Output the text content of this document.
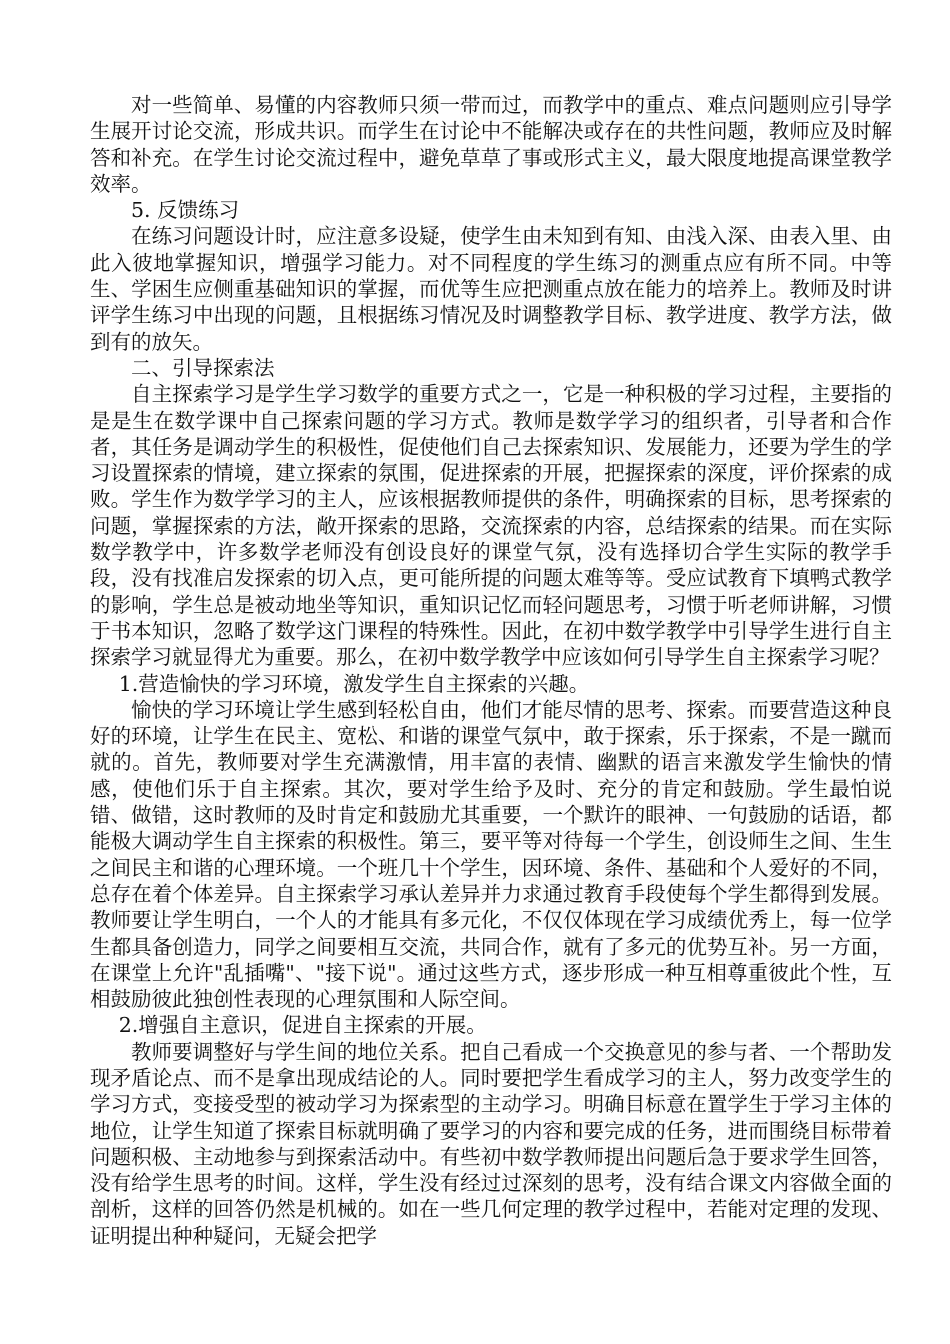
对一些简单、易懂的内容教师只须一带而过，而教学中的重点、难点问题则应引导学生展开讨论交流，形成共识。而学生在讨论中不能解决或存在的共性问题，教师应及时解答和补充。在学生讨论交流过程中，避免草草了事或形式主义，最大限度地提高课堂教学效率。

5. 反馈练习

在练习问题设计时，应注意多设疑，使学生由未知到有知、由浅入深、由表入里、由此入彼地掌握知识，增强学习能力。对不同程度的学生练习的测重点应有所不同。中等生、学困生应侧重基础知识的掌握，而优等生应把测重点放在能力的培养上。教师及时讲评学生练习中出现的问题，且根据练习情况及时调整教学目标、教学进度、教学方法，做到有的放矢。

二、引导探索法

自主探索学习是学生学习数学的重要方式之一，它是一种积极的学习过程，主要指的是是生在数学课中自己探索问题的学习方式。教师是数学学习的组织者，引导者和合作者，其任务是调动学生的积极性，促使他们自己去探索知识、发展能力，还要为学生的学习设置探索的情境，建立探索的氛围，促进探索的开展，把握探索的深度，评价探索的成败。学生作为数学学习的主人，应该根据教师提供的条件，明确探索的目标，思考探索的问题，掌握探索的方法，敞开探索的思路，交流探索的内容，总结探索的结果。而在实际数学教学中，许多数学老师没有创设良好的课堂气氛，没有选择切合学生实际的教学手段，没有找准启发探索的切入点，更可能所提的问题太难等等。受应试教育下填鸭式教学的影响，学生总是被动地坐等知识，重知识记忆而轻问题思考，习惯于听老师讲解，习惯于书本知识，忽略了数学这门课程的特殊性。因此，在初中数学教学中引导学生进行自主探索学习就显得尤为重要。那么，在初中数学教学中应该如何引导学生自主探索学习呢？

1.营造愉快的学习环境，激发学生自主探索的兴趣。

愉快的学习环境让学生感到轻松自由，他们才能尽情的思考、探索。而要营造这种良好的环境，让学生在民主、宽松、和谐的课堂气氛中，敢于探索，乐于探索，不是一蹴而就的。首先，教师要对学生充满激情，用丰富的表情、幽默的语言来激发学生愉快的情感，使他们乐于自主探索。其次，要对学生给予及时、充分的肯定和鼓励。学生最怕说错、做错，这时教师的及时肯定和鼓励尤其重要，一个默许的眼神、一句鼓励的话语，都能极大调动学生自主探索的积极性。第三，要平等对待每一个学生，创设师生之间、生生之间民主和谐的心理环境。一个班几十个学生，因环境、条件、基础和个人爱好的不同，总存在着个体差异。自主探索学习承认差异并力求通过教育手段使每个学生都得到发展。教师要让学生明白，一个人的才能具有多元化，不仅仅体现在学习成绩优秀上，每一位学生都具备创造力，同学之间要相互交流，共同合作，就有了多元的优势互补。另一方面，在课堂上允许"乱插嘴"、"接下说"。通过这些方式，逐步形成一种互相尊重彼此个性，互相鼓励彼此独创性表现的心理氛围和人际空间。

2.增强自主意识，促进自主探索的开展。

教师要调整好与学生间的地位关系。把自己看成一个交换意见的参与者、一个帮助发现矛盾论点、而不是拿出现成结论的人。同时要把学生看成学习的主人，努力改变学生的学习方式，变接受型的被动学习为探索型的主动学习。明确目标意在置学生于学习主体的地位，让学生知道了探索目标就明确了要学习的内容和要完成的任务，进而围绕目标带着问题积极、主动地参与到探索活动中。有些初中数学教师提出问题后急于要求学生回答，没有给学生思考的时间。这样，学生没有经过过深刻的思考，没有结合课文内容做全面的剖析，这样的回答仍然是机械的。如在一些几何定理的教学过程中，若能对定理的发现、证明提出种种疑问，无疑会把学
